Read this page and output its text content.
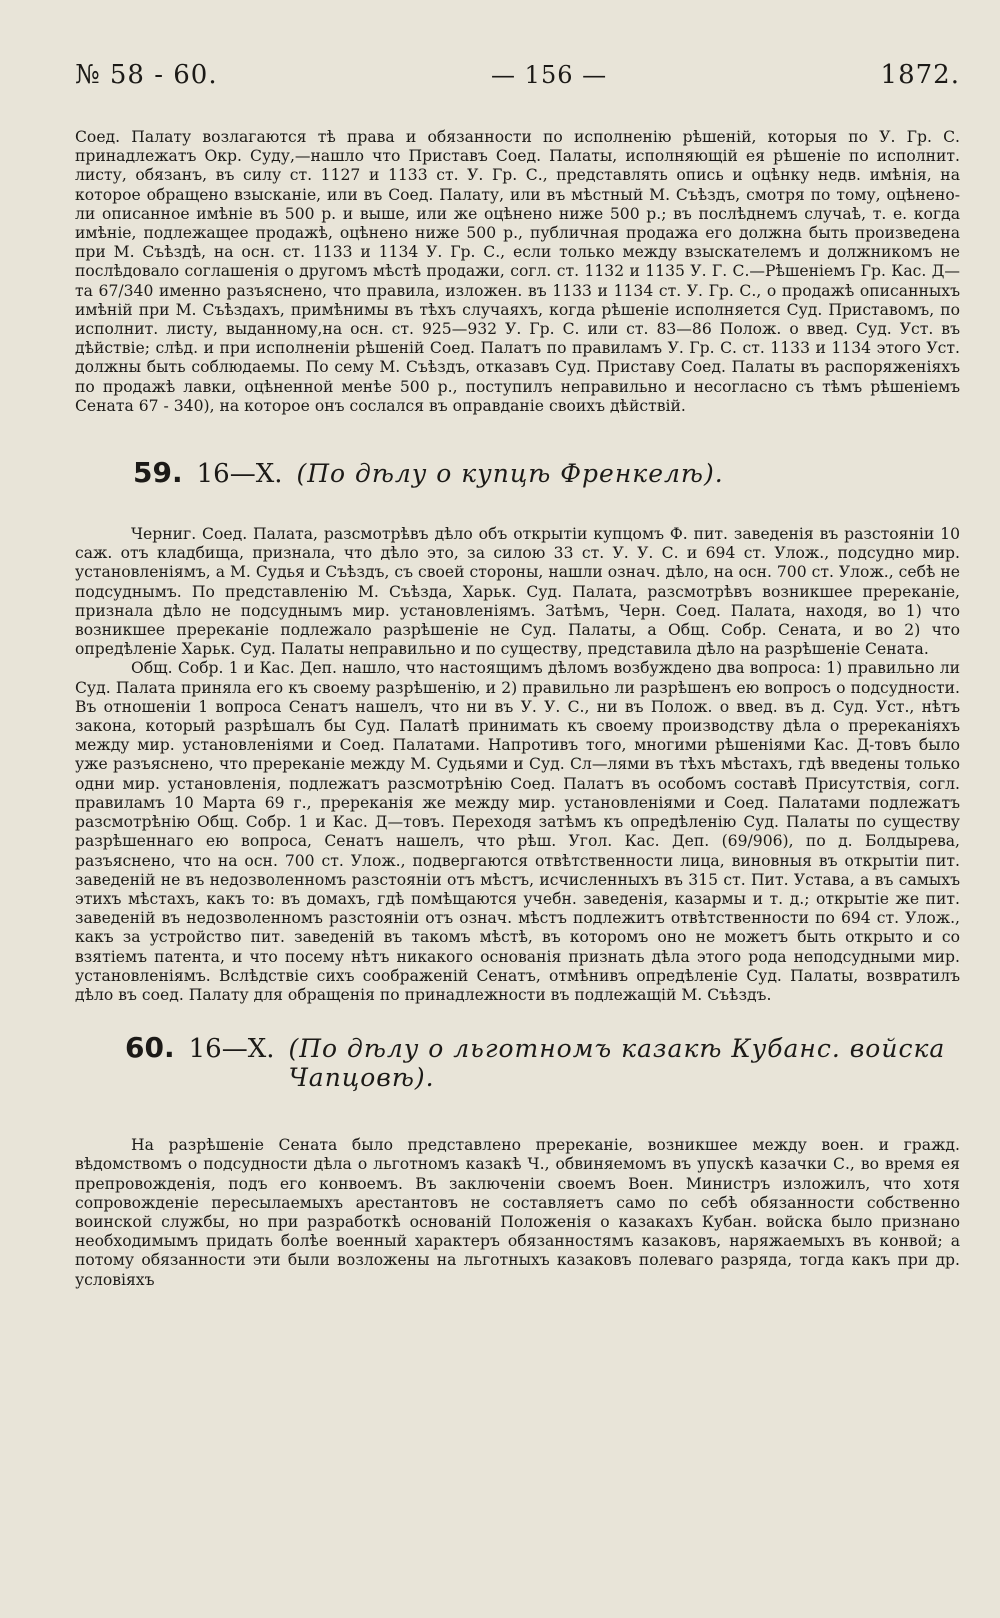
№ 58 - 60.	— 156 —	1872.

Соед. Палату возлагаются тѣ права и обязанности по исполненію рѣшеній, которыя по У. Гр. С. принадлежатъ Окр. Суду,—нашло что Приставъ Соед. Палаты, исполняющій ея рѣшеніе по исполнит. листу, обязанъ, въ силу ст. 1127 и 1133 ст. У. Гр. С., представлять опись и оцѣнку недв. имѣнія, на которое обращено взысканіе, или въ Соед. Палату, или въ мѣстный М. Съѣздъ, смотря по тому, оцѣнено-ли описанное имѣніе въ 500 р. и выше, или же оцѣнено ниже 500 р.; въ послѣднемъ случаѣ, т. е. когда имѣніе, подлежащее продажѣ, оцѣнено ниже 500 р., публичная продажа его должна быть произведена при М. Съѣздѣ, на осн. ст. 1133 и 1134 У. Гр. С., если только между взыскателемъ и должникомъ не послѣдовало соглашенія о другомъ мѣстѣ продажи, согл. ст. 1132 и 1135 У. Г. С.—Рѣшеніемъ Гр. Кас. Д—та 67/340 именно разъяснено, что правила, изложен. въ 1133 и 1134 ст. У. Гр. С., о продажѣ описанныхъ имѣній при М. Съѣздахъ, примѣнимы въ тѣхъ случаяхъ, когда рѣшеніе исполняется Суд. Приставомъ, по исполнит. листу, выданному,на осн. ст. 925—932 У. Гр. С. или ст. 83—86 Полож. о введ. Суд. Уст. въ дѣйствіе; слѣд. и при исполненіи рѣшеній Соед. Палатъ по правиламъ У. Гр. С. ст. 1133 и 1134 этого Уст. должны быть соблюдаемы. По сему М. Съѣздъ, отказавъ Суд. Приставу Соед. Палаты въ распоряженіяхъ по продажѣ лавки, оцѣненной менѣе 500 р., поступилъ неправильно и несогласно съ тѣмъ рѣшеніемъ Сената 67 - 340), на которое онъ сослался въ оправданіе своихъ дѣйствій.

59. 16—X. (По дѣлу о купцѣ Френкелѣ).

Черниг. Соед. Палата, разсмотрѣвъ дѣло объ открытіи купцомъ Ф. пит. заведенія въ разстояніи 10 саж. отъ кладбища, признала, что дѣло это, за силою 33 ст. У. У. С. и 694 ст. Улож., подсудно мир. установленіямъ, а М. Судья и Съѣздъ, съ своей стороны, нашли означ. дѣло, на осн. 700 ст. Улож., себѣ не подсуднымъ. По представленію М. Съѣзда, Харьк. Суд. Палата, разсмотрѣвъ возникшее пререканіе, признала дѣло не подсуднымъ мир. установленіямъ. Затѣмъ, Черн. Соед. Палата, находя, во 1) что возникшее пререканіе подлежало разрѣшеніе не Суд. Палаты, а Общ. Собр. Сената, и во 2) что опредѣленіе Харьк. Суд. Палаты неправильно и по существу, представила дѣло на разрѣшеніе Сената.

Общ. Собр. 1 и Кас. Деп. нашло, что настоящимъ дѣломъ возбуждено два вопроса: 1) правильно ли Суд. Палата приняла его къ своему разрѣшенію, и 2) правильно ли разрѣшенъ ею вопросъ о подсудности. Въ отношеніи 1 вопроса Сенатъ нашелъ, что ни въ У. У. С., ни въ Полож. о введ. въ д. Суд. Уст., нѣтъ закона, который разрѣшалъ бы Суд. Палатѣ принимать къ своему производству дѣла о пререканіяхъ между мир. установленіями и Соед. Палатами. Напротивъ того, многими рѣшеніями Кас. Д-товъ было уже разъяснено, что пререканіе между М. Судьями и Суд. Сл—лями въ тѣхъ мѣстахъ, гдѣ введены только одни мир. установленія, подлежатъ разсмотрѣнію Соед. Палатъ въ особомъ составѣ Присутствія, согл. правиламъ 10 Марта 69 г., пререканія же между мир. установленіями и Соед. Палатами подлежатъ разсмотрѣнію Общ. Собр. 1 и Кас. Д—товъ. Переходя затѣмъ къ опредѣленію Суд. Палаты по существу разрѣшеннаго ею вопроса, Сенатъ нашелъ, что рѣш. Угол. Кас. Деп. (69/906), по д. Болдырева, разъяснено, что на осн. 700 ст. Улож., подвергаются отвѣтственности лица, виновныя въ открытіи пит. заведеній не въ недозволенномъ разстояніи отъ мѣстъ, исчисленныхъ въ 315 ст. Пит. Устава, а въ самыхъ этихъ мѣстахъ, какъ то: въ домахъ, гдѣ помѣщаются учебн. заведенія, казармы и т. д.; открытіе же пит. заведеній въ недозволенномъ разстояніи отъ означ. мѣстъ подлежитъ отвѣтственности по 694 ст. Улож., какъ за устройство пит. заведеній въ такомъ мѣстѣ, въ которомъ оно не можетъ быть открыто и со взятіемъ патента, и что посему нѣтъ никакого основанія признать дѣла этого рода неподсудными мир. установленіямъ. Вслѣдствіе сихъ соображеній Сенатъ, отмѣнивъ опредѣленіе Суд. Палаты, возвратилъ дѣло въ соед. Палату для обращенія по принадлежности въ подлежащій М. Съѣздъ.

60. 16—X. (По дѣлу о льготномъ казакѣ Кубанс. войска Чапцовѣ).

На разрѣшеніе Сената было представлено пререканіе, возникшее между воен. и гражд. вѣдомствомъ о подсудности дѣла о льготномъ казакѣ Ч., обвиняемомъ въ упускѣ казачки С., во время ея препровожденія, подъ его конвоемъ. Въ заключеніи своемъ Воен. Министръ изложилъ, что хотя сопровожденіе пересылаемыхъ арестантовъ не составляетъ само по себѣ обязанности собственно воинской службы, но при разработкѣ основаній Положенія о казакахъ Кубан. войска было признано необходимымъ придать болѣе военный характеръ обязанностямъ казаковъ, наряжаемыхъ въ конвой; а потому обязанности эти были возложены на льготныхъ казаковъ полеваго разряда, тогда какъ при др. условіяхъ
